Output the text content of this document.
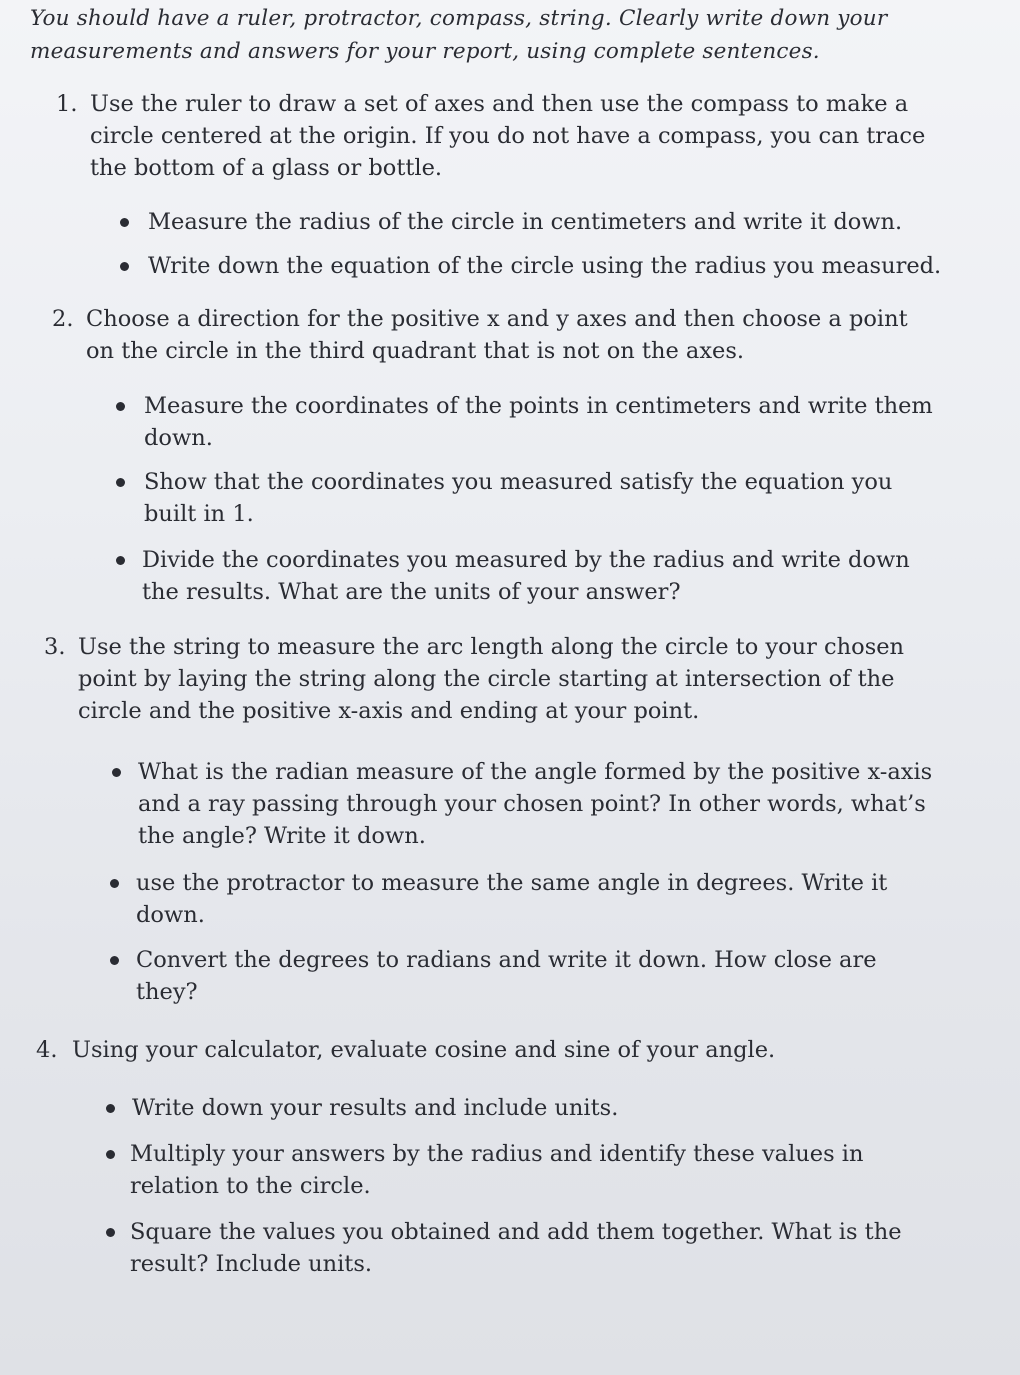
You should have a ruler, protractor, compass, string. Clearly write down your
measurements and answers for your report, using complete sentences.
1. Use the ruler to draw a set of axes and then use the compass to make a
circle centered at the origin. If you do not have a compass, you can trace
the bottom of a glass or bottle.
Measure the radius of the circle in centimeters and write it down.
Write down the equation of the circle using the radius you measured.
2. Choose a direction for the positive x and y axes and then choose a point
on the circle in the third quadrant that is not on the axes.
Measure the coordinates of the points in centimeters and write them
down.
Show that the coordinates you measured satisfy the equation you
built in 1.
Divide the coordinates you measured by the radius and write down
the results. What are the units of your answer?
3. Use the string to measure the arc length along the circle to your chosen
point by laying the string along the circle starting at intersection of the
circle and the positive x-axis and ending at your point.
What is the radian measure of the angle formed by the positive x-axis
and a ray passing through your chosen point? In other words, what’s
the angle? Write it down.
use the protractor to measure the same angle in degrees. Write it
down.
Convert the degrees to radians and write it down. How close are
they?
4. Using your calculator, evaluate cosine and sine of your angle.
Write down your results and include units.
Multiply your answers by the radius and identify these values in
relation to the circle.
Square the values you obtained and add them together. What is the
result? Include units.
